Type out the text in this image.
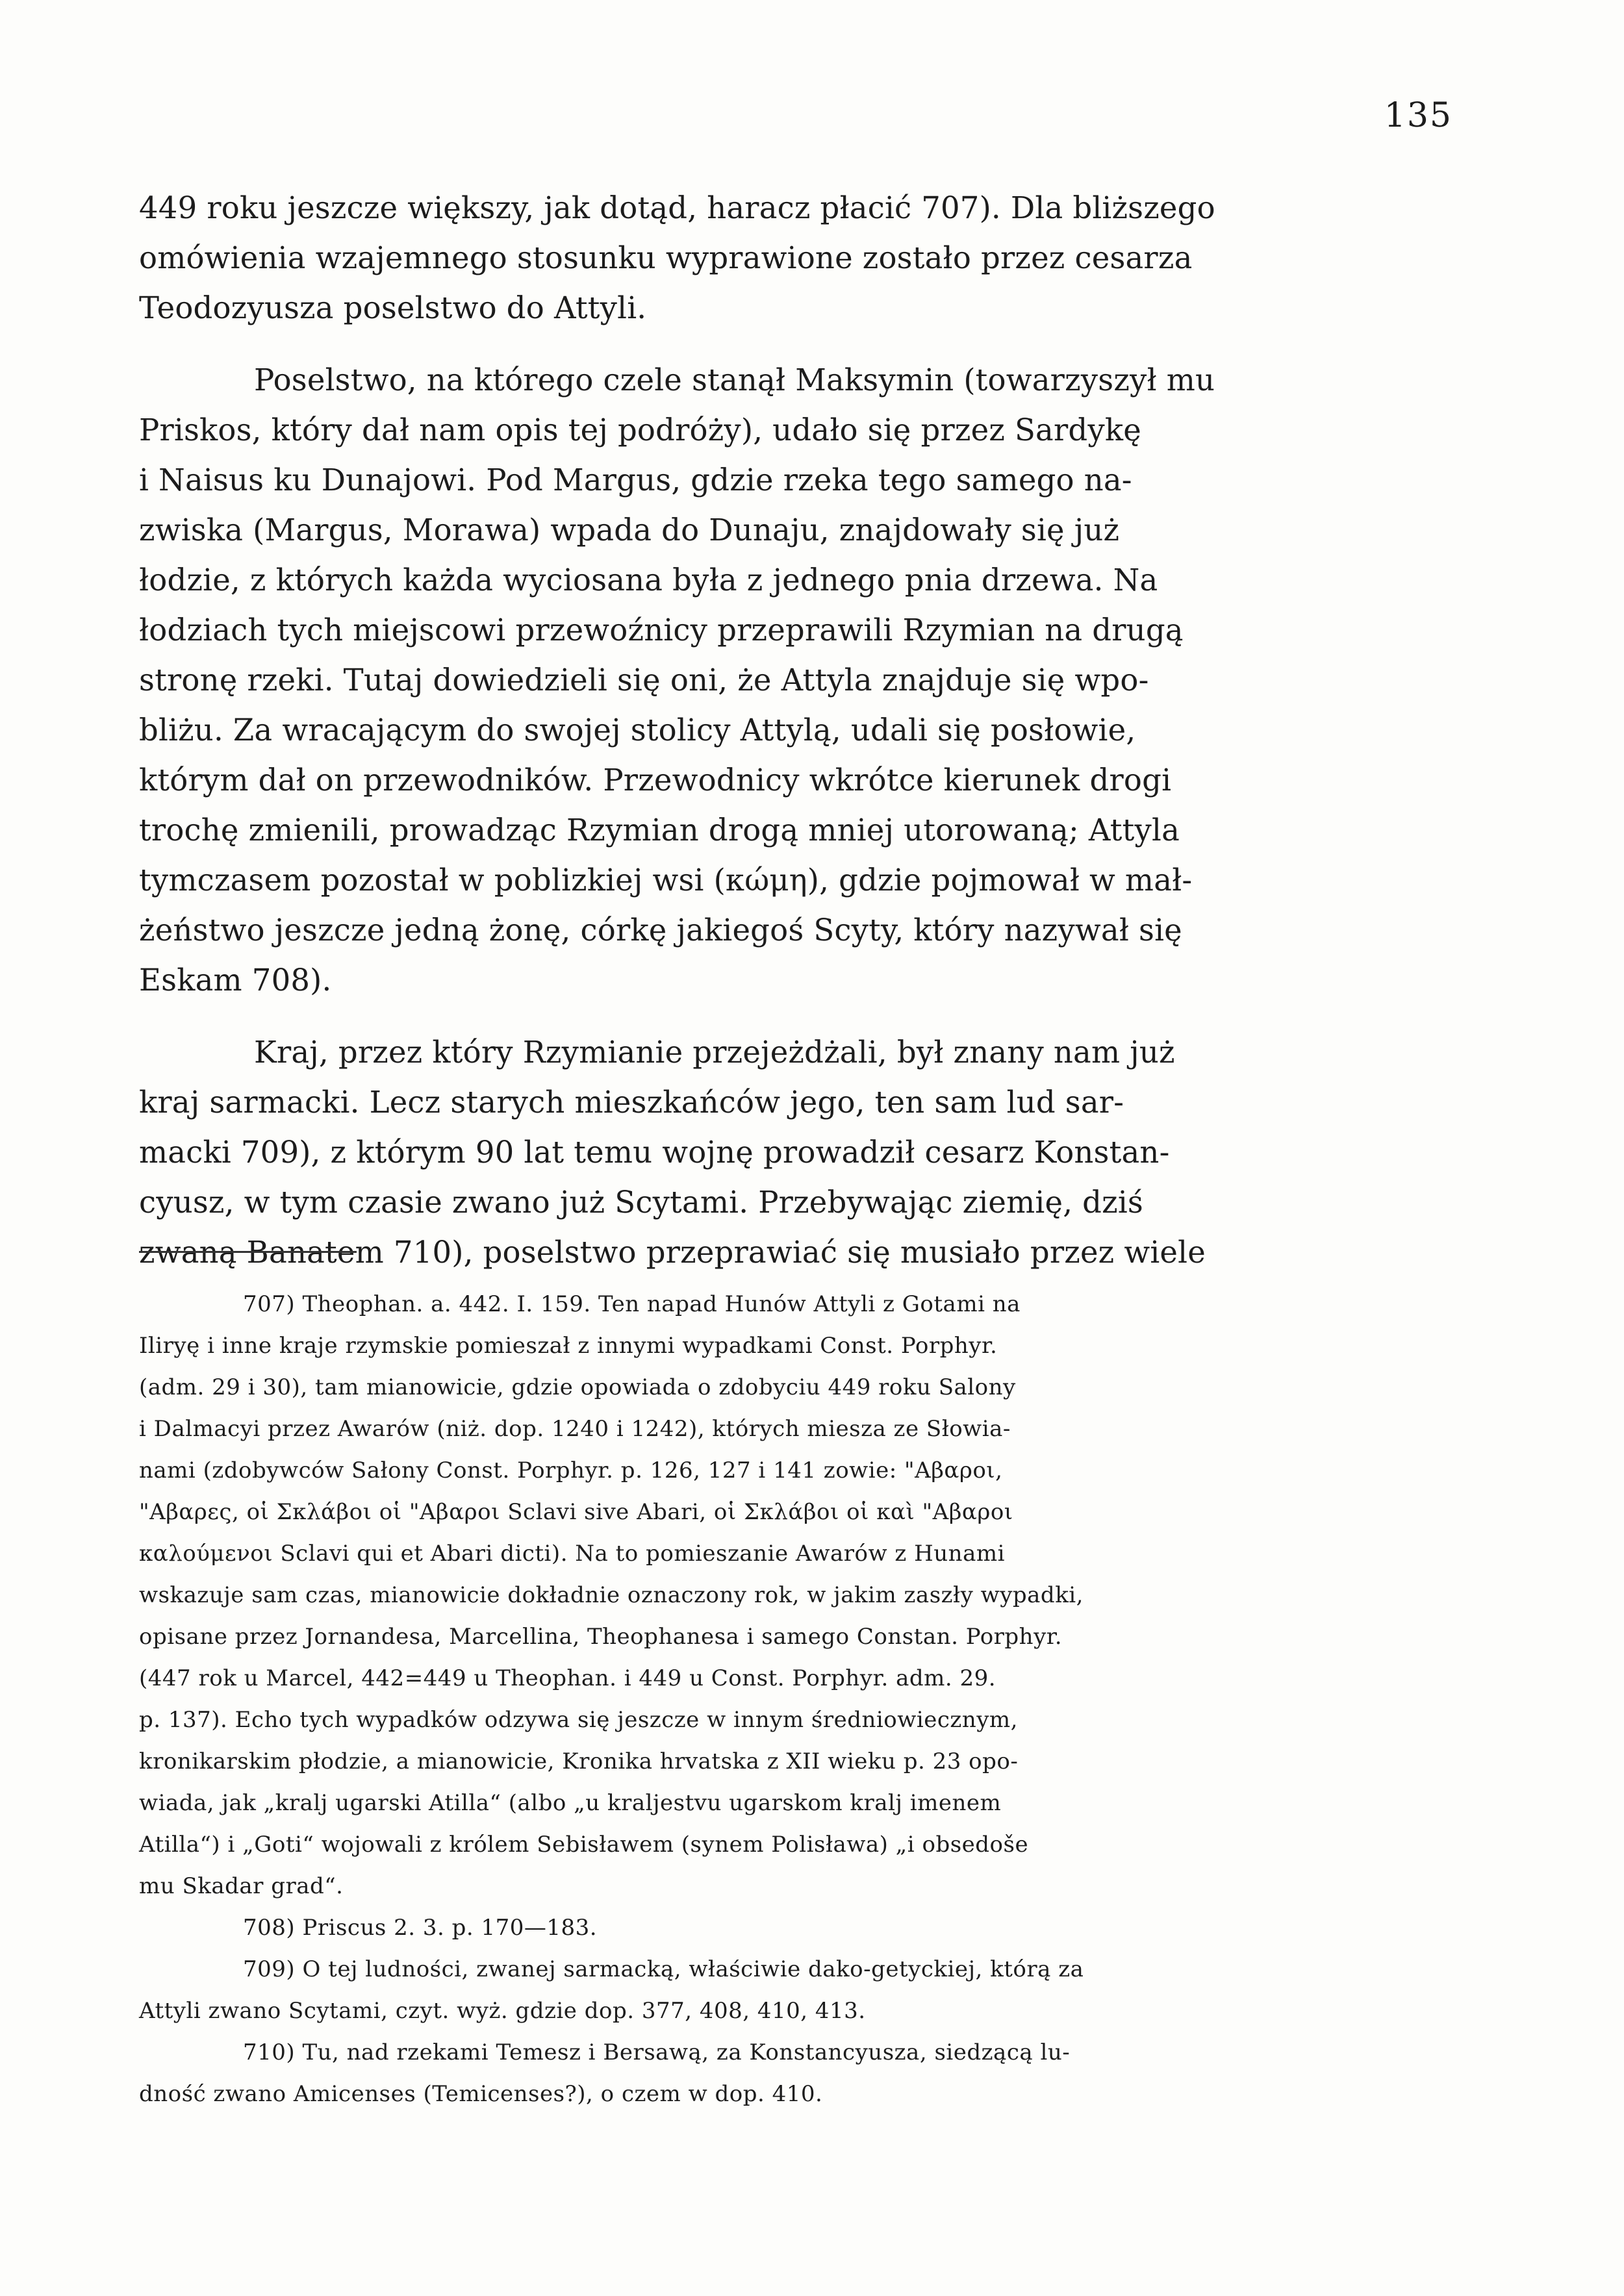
135
449 roku jeszcze większy, jak dotąd, haracz płacić 707). Dla bliższego
omówienia wzajemnego stosunku wyprawione zostało przez cesarza
Teodozyusza poselstwo do Attyli.
Poselstwo, na którego czele stanął Maksymin (towarzyszył mu
Priskos, który dał nam opis tej podróży), udało się przez Sardykę
i Naisus ku Dunajowi. Pod Margus, gdzie rzeka tego samego na-
zwiska (Margus, Morawa) wpada do Dunaju, znajdowały się już
łodzie, z których każda wyciosana była z jednego pnia drzewa. Na
łodziach tych miejscowi przewoźnicy przeprawili Rzymian na drugą
stronę rzeki. Tutaj dowiedzieli się oni, że Attyla znajduje się wpo-
bliżu. Za wracającym do swojej stolicy Attylą, udali się posłowie,
którym dał on przewodników. Przewodnicy wkrótce kierunek drogi
trochę zmienili, prowadząc Rzymian drogą mniej utorowaną; Attyla
tymczasem pozostał w poblizkiej wsi (κώμη), gdzie pojmował w mał-
żeństwo jeszcze jedną żonę, córkę jakiegoś Scyty, który nazywał się
Eskam 708).
Kraj, przez który Rzymianie przejeżdżali, był znany nam już
kraj sarmacki. Lecz starych mieszkańców jego, ten sam lud sar-
macki 709), z którym 90 lat temu wojnę prowadził cesarz Konstan-
cyusz, w tym czasie zwano już Scytami. Przebywając ziemię, dziś
zwaną Banatem 710), poselstwo przeprawiać się musiało przez wiele
707) Theophan. a. 442. I. 159. Ten napad Hunów Attyli z Gotami na
Iliryę i inne kraje rzymskie pomieszał z innymi wypadkami Const. Porphyr.
(adm. 29 i 30), tam mianowicie, gdzie opowiada o zdobyciu 449 roku Salony
i Dalmacyi przez Awarów (niż. dop. 1240 i 1242), których miesza ze Słowia-
nami (zdobywców Sałony Const. Porphyr. p. 126, 127 i 141 zowie: "Αβαροι,
"Αβαρες, οἱ Σκλάβοι οἱ "Αβαροι Sclavi sive Abari, οἱ Σκλάβοι οἱ καὶ "Αβαροι
καλούμενοι Sclavi qui et Abari dicti). Na to pomieszanie Awarów z Hunami
wskazuje sam czas, mianowicie dokładnie oznaczony rok, w jakim zaszły wypadki,
opisane przez Jornandesa, Marcellina, Theophanesa i samego Constan. Porphyr.
(447 rok u Marcel, 442=449 u Theophan. i 449 u Const. Porphyr. adm. 29.
p. 137). Echo tych wypadków odzywa się jeszcze w innym średniowiecznym,
kronikarskim płodzie, a mianowicie, Kronika hrvatska z XII wieku p. 23 opo-
wiada, jak „kralj ugarski Atilla“ (albo „u kraljestvu ugarskom kralj imenem
Atilla“) i „Goti“ wojowali z królem Sebisławem (synem Polisława) „i obsedoše
mu Skadar grad“.
708) Priscus 2. 3. p. 170—183.
709) O tej ludności, zwanej sarmacką, właściwie dako-getyckiej, którą za
Attyli zwano Scytami, czyt. wyż. gdzie dop. 377, 408, 410, 413.
710) Tu, nad rzekami Temesz i Bersawą, za Konstancyusza, siedzącą lu-
dność zwano Amicenses (Temicenses?), o czem w dop. 410.
